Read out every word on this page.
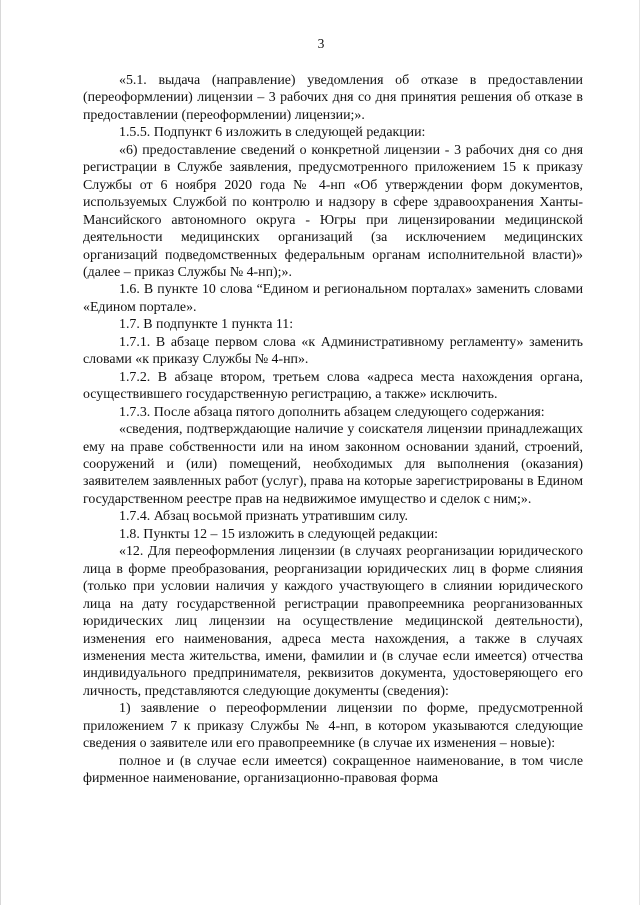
3

«5.1. выдача (направление) уведомления об отказе в предоставлении (переоформлении) лицензии – 3 рабочих дня со дня принятия решения об отказе в предоставлении (переоформлении) лицензии;».

1.5.5. Подпункт 6 изложить в следующей редакции:

«6) предоставление сведений о конкретной лицензии - 3 рабочих дня со дня регистрации в Службе заявления, предусмотренного приложением 15 к приказу Службы от 6 ноября 2020 года № 4-нп «Об утверждении форм документов, используемых Службой по контролю и надзору в сфере здравоохранения Ханты-Мансийского автономного округа - Югры при лицензировании медицинской деятельности медицинских организаций (за исключением медицинских организаций подведомственных федеральным органам исполнительной власти)» (далее – приказ Службы № 4-нп);».

1.6. В пункте 10 слова “Едином и региональном порталах» заменить словами «Едином портале».

1.7. В подпункте 1 пункта 11:

1.7.1. В абзаце первом слова «к Административному регламенту» заменить словами «к приказу Службы № 4-нп».

1.7.2. В абзаце втором, третьем слова «адреса места нахождения органа, осуществившего государственную регистрацию, а также» исключить.

1.7.3. После абзаца пятого дополнить абзацем следующего содержания:

«сведения, подтверждающие наличие у соискателя лицензии принадлежащих ему на праве собственности или на ином законном основании зданий, строений, сооружений и (или) помещений, необходимых для выполнения (оказания) заявителем заявленных работ (услуг), права на которые зарегистрированы в Едином государственном реестре прав на недвижимое имущество и сделок с ним;».

1.7.4. Абзац восьмой признать утратившим силу.

1.8. Пункты 12 – 15 изложить в следующей редакции:

«12. Для переоформления лицензии (в случаях реорганизации юридического лица в форме преобразования, реорганизации юридических лиц в форме слияния (только при условии наличия у каждого участвующего в слиянии юридического лица на дату государственной регистрации правопреемника реорганизованных юридических лиц лицензии на осуществление медицинской деятельности), изменения его наименования, адреса места нахождения, а также в случаях изменения места жительства, имени, фамилии и (в случае если имеется) отчества индивидуального предпринимателя, реквизитов документа, удостоверяющего его личность, представляются следующие документы (сведения):

1) заявление о переоформлении лицензии по форме, предусмотренной приложением 7 к приказу Службы № 4-нп, в котором указываются следующие сведения о заявителе или его правопреемнике (в случае их изменения – новые):

полное и (в случае если имеется) сокращенное наименование, в том числе фирменное наименование, организационно-правовая форма
